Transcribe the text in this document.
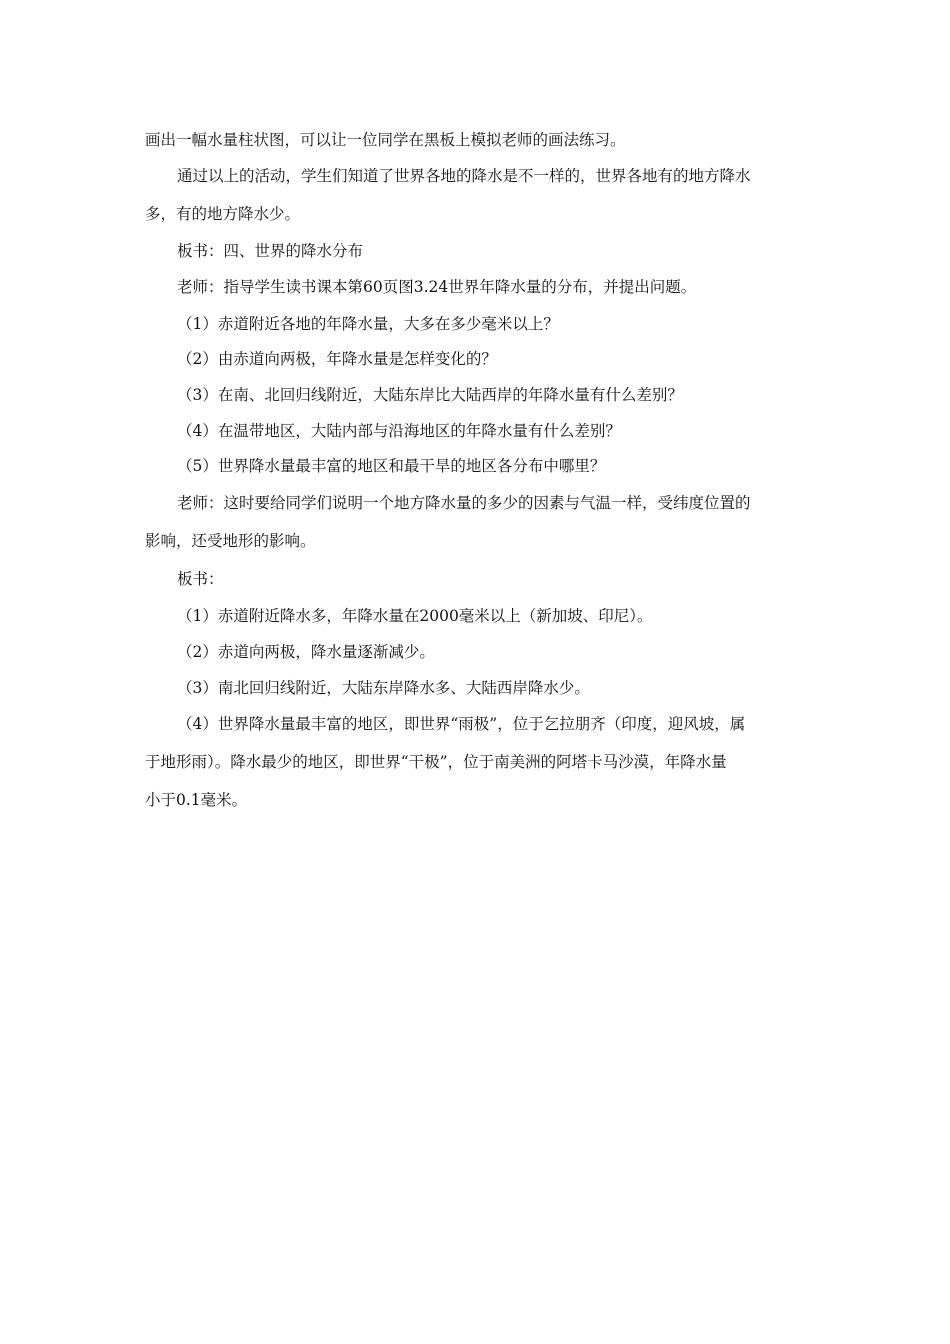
画出一幅水量柱状图，可以让一位同学在黑板上模拟老师的画法练习。
通过以上的活动，学生们知道了世界各地的降水是不一样的，世界各地有的地方降水
多，有的地方降水少。
板书：四、世界的降水分布
老师：指导学生读书课本第60页图3.24世界年降水量的分布，并提出问题。
（1）赤道附近各地的年降水量，大多在多少毫米以上？
（2）由赤道向两极，年降水量是怎样变化的？
（3）在南、北回归线附近，大陆东岸比大陆西岸的年降水量有什么差别？
（4）在温带地区，大陆内部与沿海地区的年降水量有什么差别？
（5）世界降水量最丰富的地区和最干旱的地区各分布中哪里？
老师：这时要给同学们说明一个地方降水量的多少的因素与气温一样，受纬度位置的
影响，还受地形的影响。
板书：
（1）赤道附近降水多，年降水量在2000毫米以上（新加坡、印尼）。
（2）赤道向两极，降水量逐渐减少。
（3）南北回归线附近，大陆东岸降水多、大陆西岸降水少。
（4）世界降水量最丰富的地区，即世界“雨极”，位于乞拉朋齐（印度，迎风坡，属
于地形雨）。降水最少的地区，即世界“干极”，位于南美洲的阿塔卡马沙漠，年降水量
小于0.1毫米。
